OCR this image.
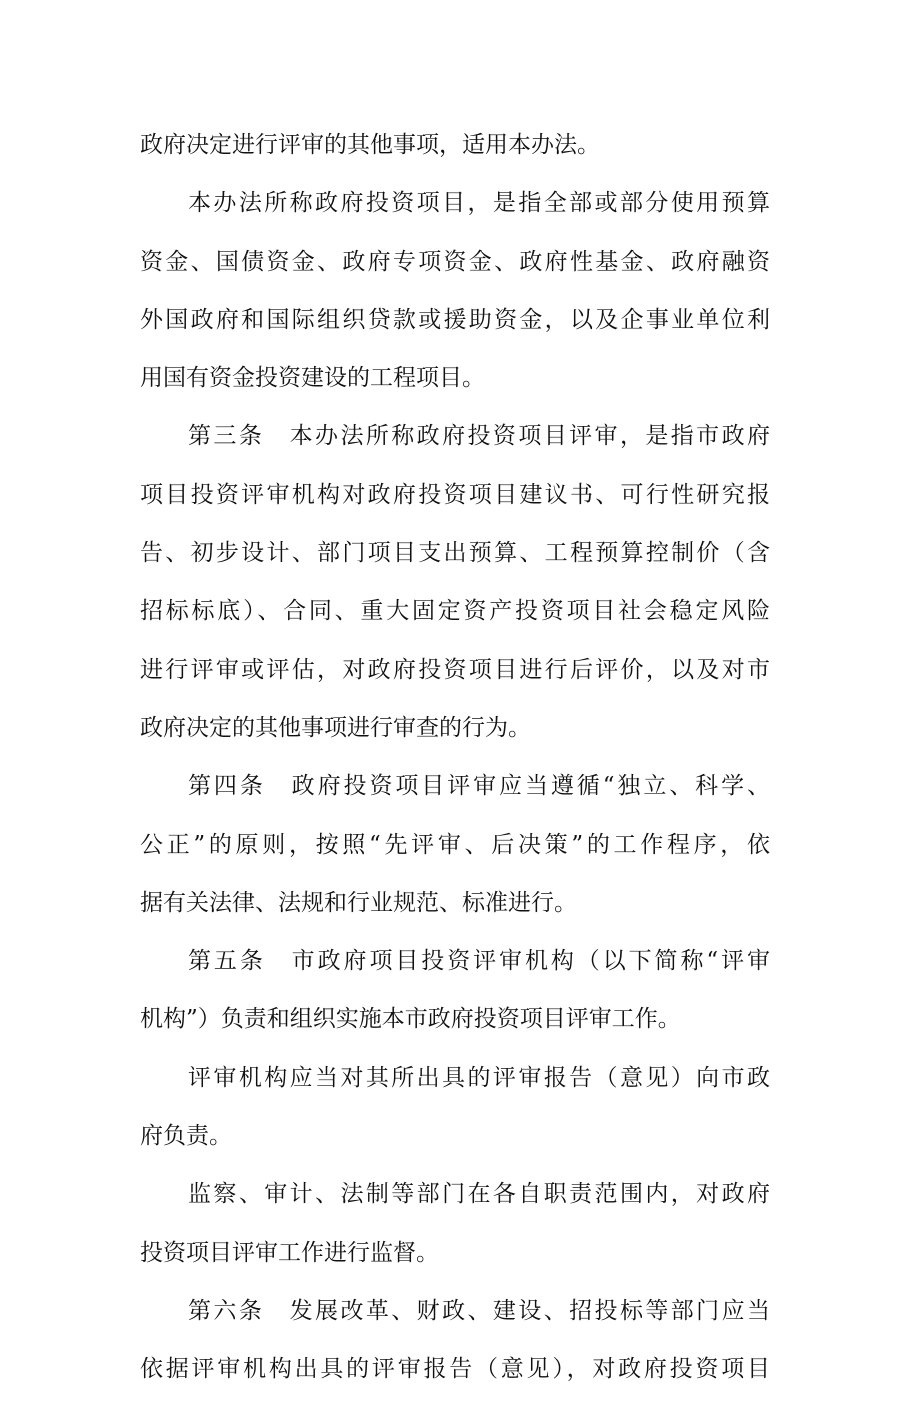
政府决定进行评审的其他事项，适用本办法。
本办法所称政府投资项目，是指全部或部分使用预算
资金、国债资金、政府专项资金、政府性基金、政府融资
外国政府和国际组织贷款或援助资金，以及企事业单位利
用国有资金投资建设的工程项目。
第三条　本办法所称政府投资项目评审，是指市政府
项目投资评审机构对政府投资项目建议书、可行性研究报
告、初步设计、部门项目支出预算、工程预算控制价（含
招标标底）、合同、重大固定资产投资项目社会稳定风险
进行评审或评估，对政府投资项目进行后评价，以及对市
政府决定的其他事项进行审查的行为。
第四条　政府投资项目评审应当遵循“独立、科学、
公正”的原则，按照“先评审、后决策”的工作程序，依
据有关法律、法规和行业规范、标准进行。
第五条　市政府项目投资评审机构（以下简称“评审
机构”）负责和组织实施本市政府投资项目评审工作。
评审机构应当对其所出具的评审报告（意见）向市政
府负责。
监察、审计、法制等部门在各自职责范围内，对政府
投资项目评审工作进行监督。
第六条　发展改革、财政、建设、招投标等部门应当
依据评审机构出具的评审报告（意见），对政府投资项目
